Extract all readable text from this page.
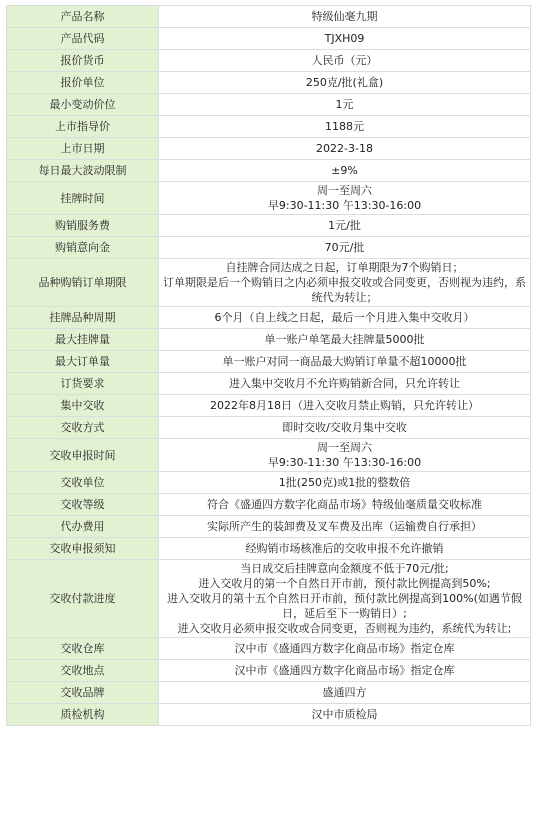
产品名称	特级仙毫九期

产品代码	TJXH09

报价货币	人民币（元）

报价单位	250克/批(礼盒)

最小变动价位	1元

上市指导价	1188元

上市日期	2022-3-18

每日最大波动限制	±9%

挂牌时间	周一至周六
早9:30-11:30 午13:30-16:00

购销服务费	1元/批

购销意向金	70元/批

品种购销订单期限	自挂牌合同达成之日起，订单期限为7个购销日；
订单期限是后一个购销日之内必须申报交收或合同变更，否则视为违约，系统代为转让；

挂牌品种周期	6个月（自上线之日起，最后一个月进入集中交收月）

最大挂牌量	单一账户单笔最大挂牌量5000批

最大订单量	单一账户对同一商品最大购销订单量不超10000批

订货要求	进入集中交收月不允许购销新合同，只允许转让

集中交收	2022年8月18日（进入交收月禁止购销，只允许转让）

交收方式	即时交收/交收月集中交收

交收申报时间	周一至周六
早9:30-11:30 午13:30-16:00

交收单位	1批(250克)或1批的整数倍

交收等级	符合《盛通四方数字化商品市场》特级仙毫质量交收标准

代办费用	实际所产生的装卸费及叉车费及出库（运输费自行承担）

交收申报须知	经购销市场核准后的交收申报不允许撤销

交收付款进度	当日成交后挂牌意向金额度不低于70元/批;
进入交收月的第一个自然日开市前，预付款比例提高到50%;
进入交收月的第十五个自然日开市前，预付款比例提高到100%(如遇节假日，延后至下一购销日）;
进入交收月必须申报交收或合同变更，否则视为违约，系统代为转让;

交收仓库	汉中市《盛通四方数字化商品市场》指定仓库

交收地点	汉中市《盛通四方数字化商品市场》指定仓库

交收品牌	盛通四方

质检机构	汉中市质检局
